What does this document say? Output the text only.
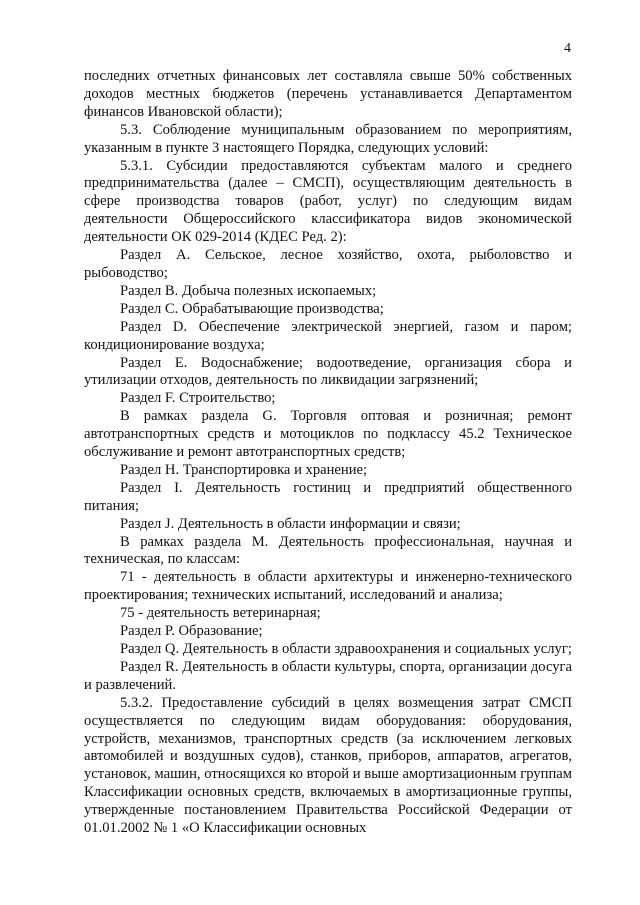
4

последних отчетных финансовых лет составляла свыше 50% собственных доходов местных бюджетов (перечень устанавливается Департаментом финансов Ивановской области);

5.3. Соблюдение муниципальным образованием по мероприятиям, указанным в пункте 3 настоящего Порядка, следующих условий:

5.3.1. Субсидии предоставляются субъектам малого и среднего предпринимательства (далее – СМСП), осуществляющим деятельность в сфере производства товаров (работ, услуг) по следующим видам деятельности Общероссийского классификатора видов экономической деятельности ОК 029-2014 (КДЕС Ред. 2):

Раздел А. Сельское, лесное хозяйство, охота, рыболовство и рыбоводство;

Раздел В. Добыча полезных ископаемых;

Раздел С. Обрабатывающие производства;

Раздел D. Обеспечение электрической энергией, газом и паром; кондиционирование воздуха;

Раздел Е. Водоснабжение; водоотведение, организация сбора и утилизации отходов, деятельность по ликвидации загрязнений;

Раздел F. Строительство;

В рамках раздела G. Торговля оптовая и розничная; ремонт автотранспортных средств и мотоциклов по подклассу 45.2 Техническое обслуживание и ремонт автотранспортных средств;

Раздел Н. Транспортировка и хранение;

Раздел I. Деятельность гостиниц и предприятий общественного питания;

Раздел J. Деятельность в области информации и связи;

В рамках раздела М. Деятельность профессиональная, научная и техническая, по классам:

71 - деятельность в области архитектуры и инженерно-технического проектирования; технических испытаний, исследований и анализа;

75 - деятельность ветеринарная;

Раздел Р. Образование;

Раздел Q. Деятельность в области здравоохранения и социальных услуг;

Раздел R. Деятельность в области культуры, спорта, организации досуга и развлечений.

5.3.2. Предоставление субсидий в целях возмещения затрат СМСП осуществляется по следующим видам оборудования: оборудования, устройств, механизмов, транспортных средств (за исключением легковых автомобилей и воздушных судов), станков, приборов, аппаратов, агрегатов, установок, машин, относящихся ко второй и выше амортизационным группам Классификации основных средств, включаемых в амортизационные группы, утвержденные постановлением Правительства Российской Федерации от 01.01.2002 № 1 «О Классификации основных
